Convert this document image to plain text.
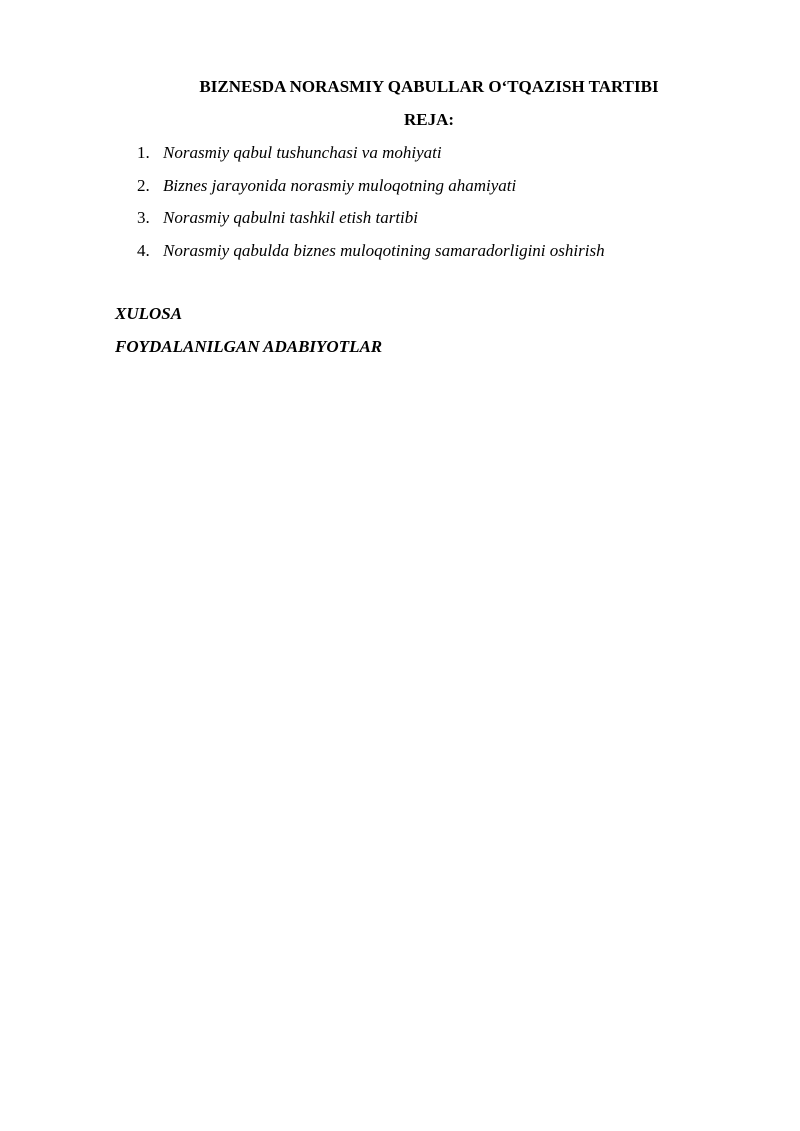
BIZNESDA NORASMIY QABULLAR O‘TQAZISH TARTIBI
REJA:
1. Norasmiy qabul tushunchasi va mohiyati
2. Biznes jarayonida norasmiy muloqotning ahamiyati
3. Norasmiy qabulni tashkil etish tartibi
4. Norasmiy qabulda biznes muloqotining samaradorligini oshirish
XULOSA
FOYDALANILGAN ADABIYOTLAR
